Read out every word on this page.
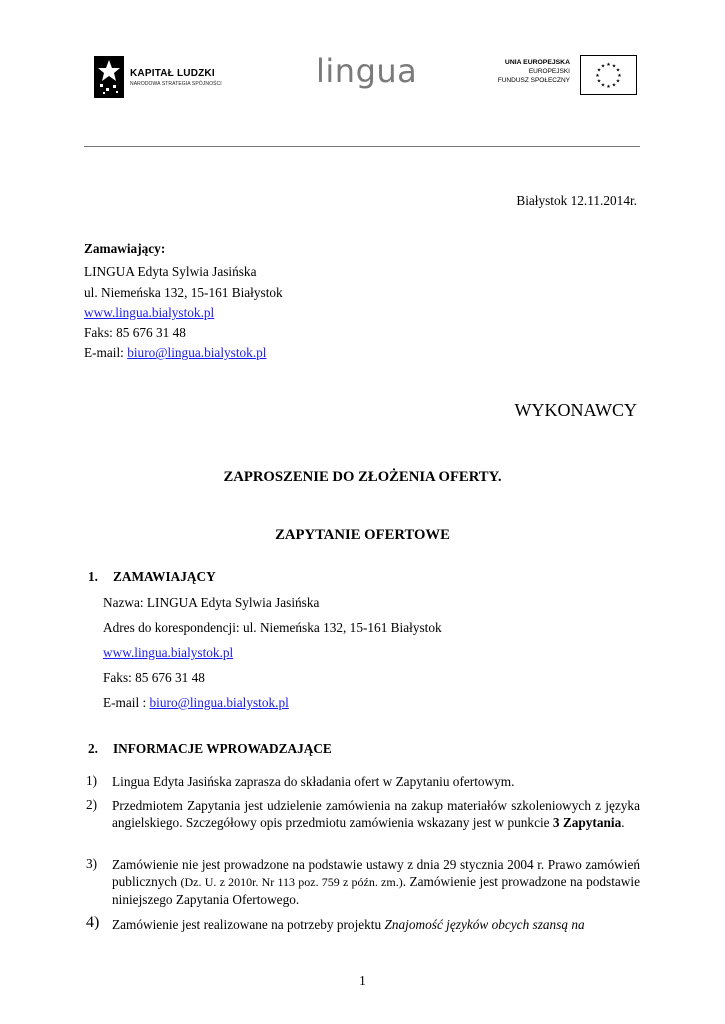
KAPITAŁ LUDZKI
NARODOWA STRATEGIA SPÓJNOŚCI	lingua	UNIA EUROPEJSKA
EUROPEJSKI
FUNDUSZ SPOŁECZNY
★ ★
★
★
★
★
★
★
★
★
★
★
Białystok 12.11.2014r.
Zamawiający:
LINGUA Edyta Sylwia Jasińska
ul. Niemeńska 132, 15-161 Białystok
www.lingua.bialystok.pl
Faks: 85 676 31 48
E-mail: biuro@lingua.bialystok.pl
WYKONAWCY
ZAPROSZENIE DO ZŁOŻENIA OFERTY.
ZAPYTANIE OFERTOWE
1. ZAMAWIAJĄCY
Nazwa: LINGUA Edyta Sylwia Jasińska
Adres do korespondencji: ul. Niemeńska 132, 15-161 Białystok
www.lingua.bialystok.pl
Faks: 85 676 31 48
E-mail : biuro@lingua.bialystok.pl
2. INFORMACJE WPROWADZAJĄCE
1) Lingua Edyta Jasińska zaprasza do składania ofert w Zapytaniu ofertowym.
2) Przedmiotem Zapytania jest udzielenie zamówienia na zakup materiałów szkoleniowych z języka angielskiego. Szczegółowy opis przedmiotu zamówienia wskazany jest w punkcie 3 Zapytania.
3) Zamówienie nie jest prowadzone na podstawie ustawy z dnia 29 stycznia 2004 r. Prawo zamówień publicznych (Dz. U. z 2010r. Nr 113 poz. 759 z późn. zm.). Zamówienie jest prowadzone na podstawie niniejszego Zapytania Ofertowego.
4) Zamówienie jest realizowane na potrzeby projektu Znajomość języków obcych szansą na
1
